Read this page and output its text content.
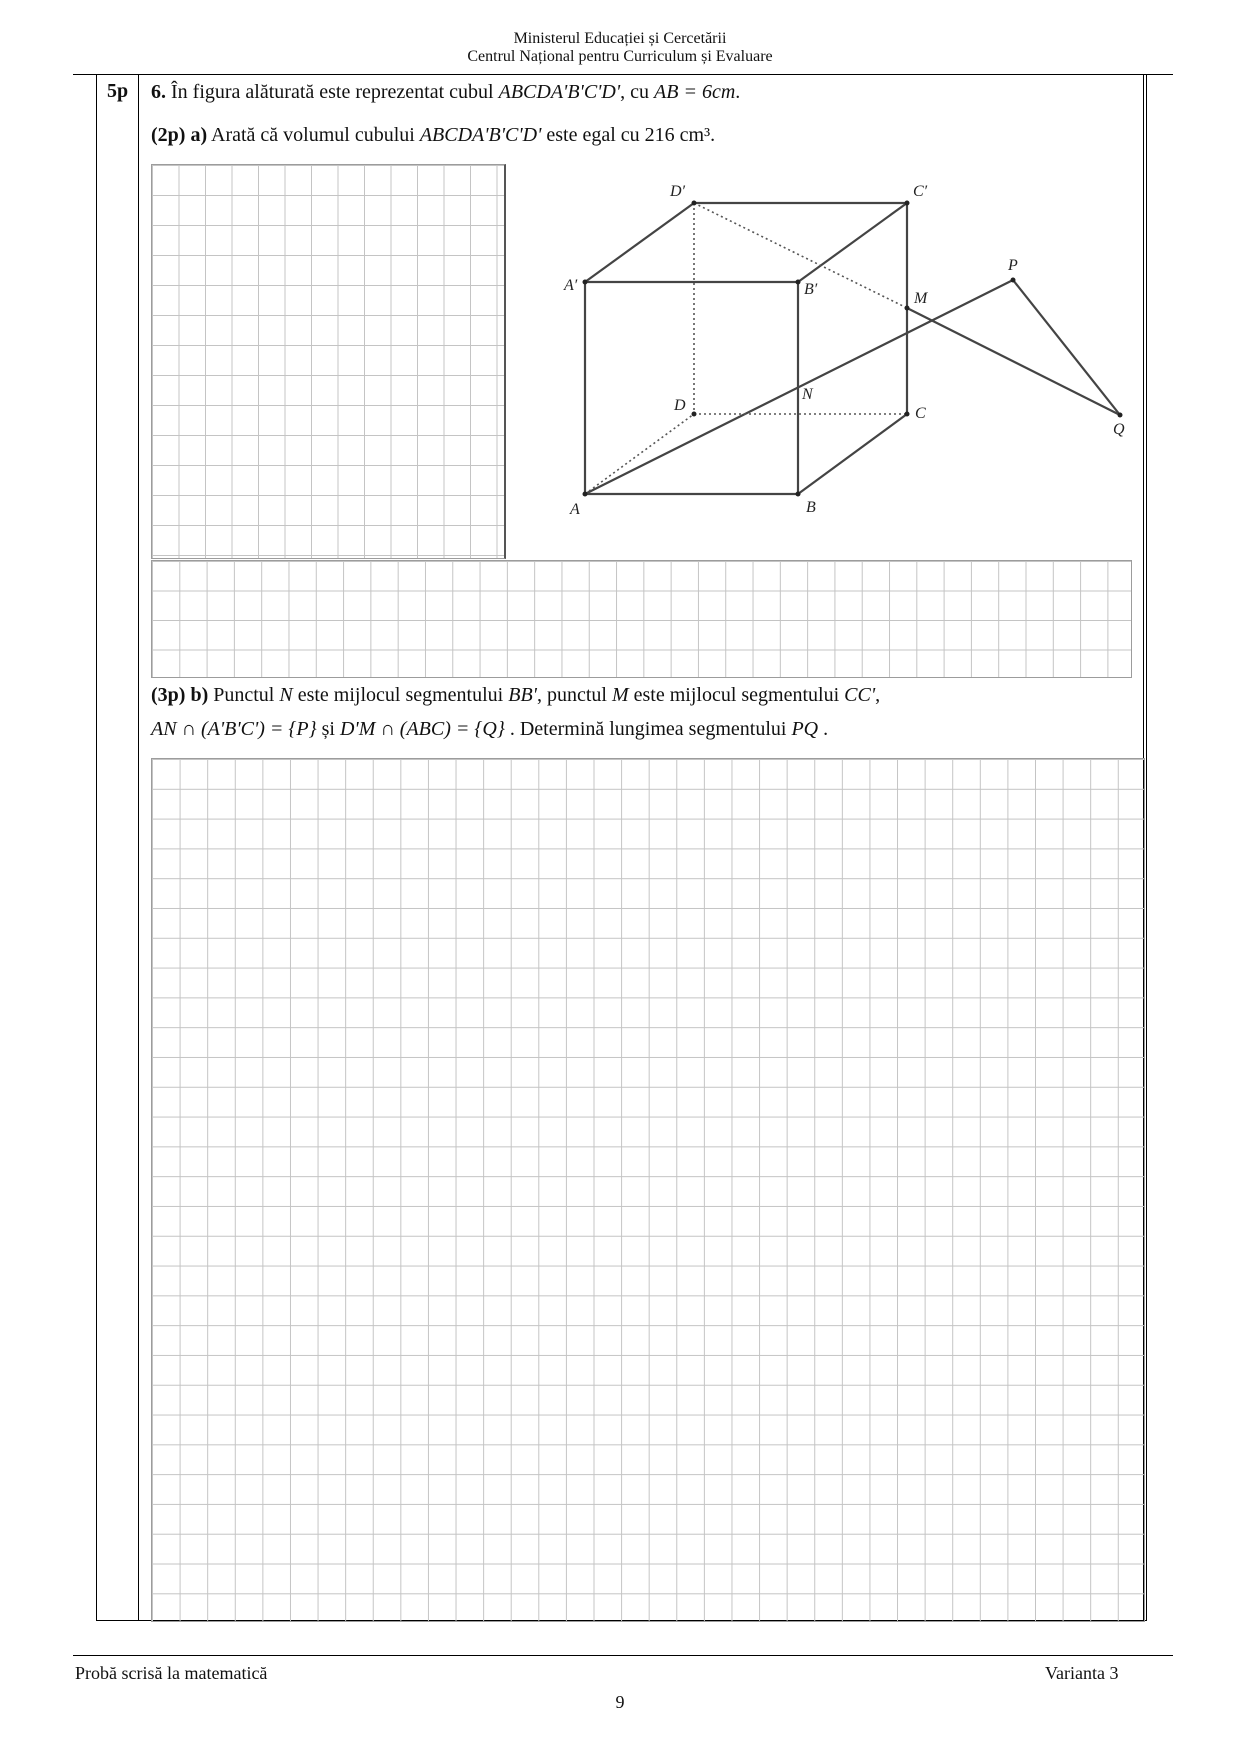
Ministerul Educației și Cercetării
Centrul Național pentru Curriculum și Evaluare
5p 6. În figura alăturată este reprezentat cubul ABCDA'B'C'D', cu AB = 6cm.
(2p) a) Arată că volumul cubului ABCDA'B'C'D' este egal cu 216 cm³.
A	B
C
D
A′	B′
C′
D′
M
N
P
Q
(3p) b) Punctul N este mijlocul segmentului BB', punctul M este mijlocul segmentului CC',
AN ∩ (A'B'C') = {P} și D'M ∩ (ABC) = {Q} . Determină lungimea segmentului PQ .
Probă scrisă la matematică	Varianta 3
9
